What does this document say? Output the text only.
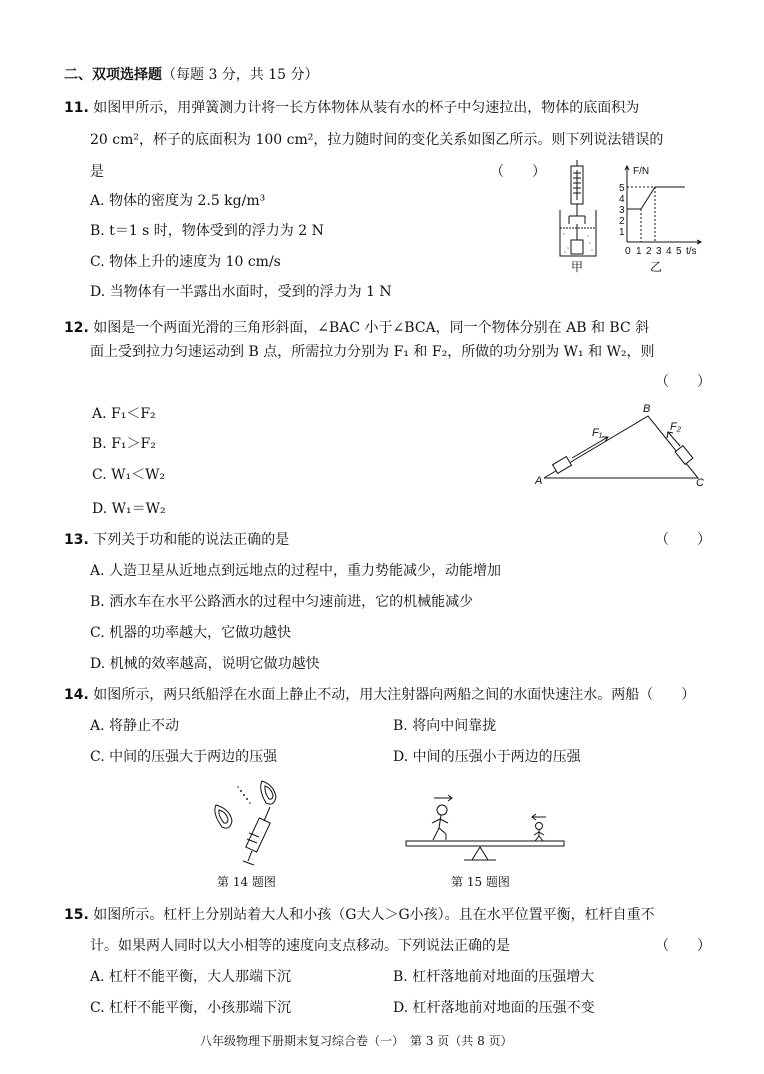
二、双项选择题（每题 3 分，共 15 分）
11. 如图甲所示，用弹簧测力计将一长方体物体从装有水的杯子中匀速拉出，物体的底面积为
20 cm²，杯子的底面积为 100 cm²，拉力随时间的变化关系如图乙所示。则下列说法错误的
是	（　　）
A. 物体的密度为 2.5 kg/m³
B. t＝1 s 时，物体受到的浮力为 2 N
C. 物体上升的速度为 10 cm/s
D. 当物体有一半露出水面时，受到的浮力为 1 N
甲
F/N
1
2
3
4
5
0 1 2 3 4 5 t/s
乙
12. 如图是一个两面光滑的三角形斜面，∠BAC 小于∠BCA，同一个物体分别在 AB 和 BC 斜
面上受到拉力匀速运动到 B 点，所需拉力分别为 F₁ 和 F₂，所做的功分别为 W₁ 和 W₂，则
（　　）
A. F₁＜F₂
B. F₁＞F₂
C. W₁＜W₂
D. W₁＝W₂
A
B
C
F₁	F₂
13. 下列关于功和能的说法正确的是	（　　）
A. 人造卫星从近地点到远地点的过程中，重力势能减少，动能增加
B. 洒水车在水平公路洒水的过程中匀速前进，它的机械能减少
C. 机器的功率越大，它做功越快
D. 机械的效率越高，说明它做功越快
14. 如图所示，两只纸船浮在水面上静止不动，用大注射器向两船之间的水面快速注水。两船（　　）
A. 将静止不动	B. 将向中间靠拢
C. 中间的压强大于两边的压强	D. 中间的压强小于两边的压强
第 14 题图	第 15 题图
15. 如图所示。杠杆上分别站着大人和小孩（G大人＞G小孩）。且在水平位置平衡，杠杆自重不
计。如果两人同时以大小相等的速度向支点移动。下列说法正确的是	（　　）
A. 杠杆不能平衡，大人那端下沉	B. 杠杆落地前对地面的压强增大
C. 杠杆不能平衡，小孩那端下沉	D. 杠杆落地前对地面的压强不变
八年级物理下册期末复习综合卷（一）　第 3 页（共 8 页）
